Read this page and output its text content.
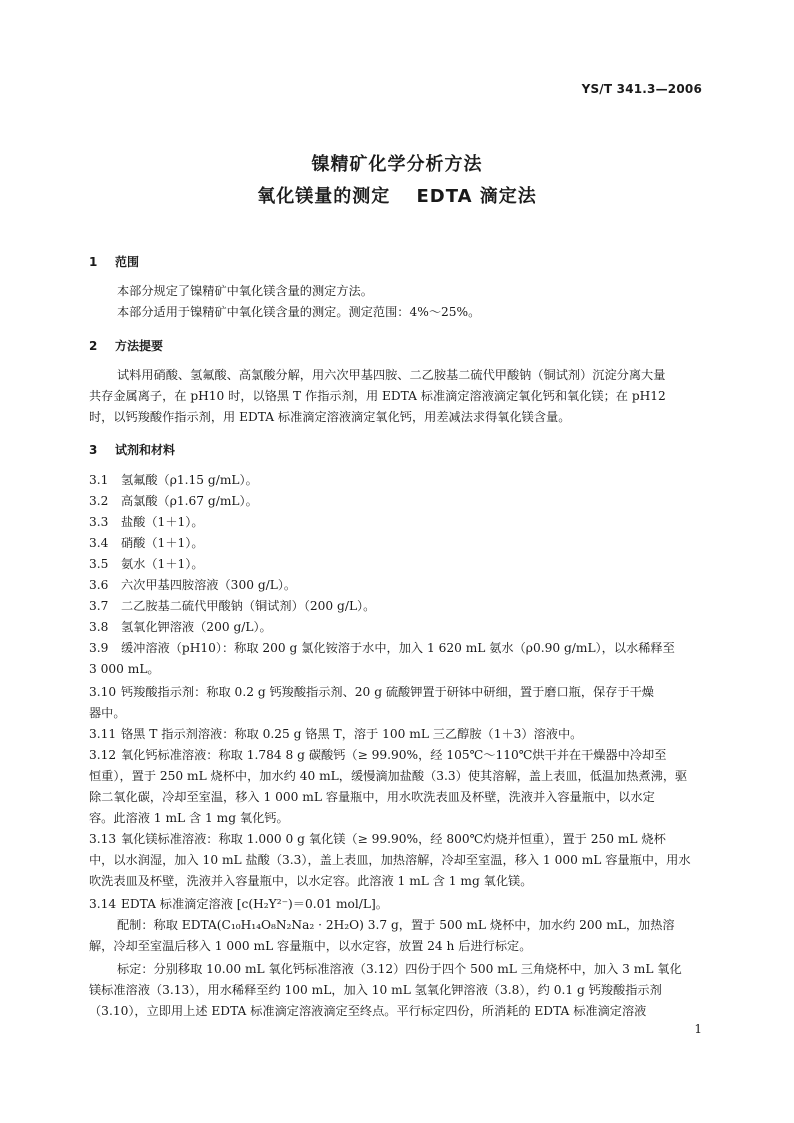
YS/T 341.3—2006
镍精矿化学分析方法
氧化镁量的测定　 EDTA 滴定法
1 范围
本部分规定了镍精矿中氧化镁含量的测定方法。
本部分适用于镍精矿中氧化镁含量的测定。测定范围：4%～25%。
2 方法提要
试料用硝酸、氢氟酸、高氯酸分解，用六次甲基四胺、二乙胺基二硫代甲酸钠（铜试剂）沉淀分离大量
共存金属离子，在 pH10 时，以铬黑 T 作指示剂，用 EDTA 标准滴定溶液滴定氧化钙和氧化镁；在 pH12
时，以钙羧酸作指示剂，用 EDTA 标准滴定溶液滴定氧化钙，用差减法求得氧化镁含量。
3 试剂和材料
3.1 氢氟酸（ρ1.15 g/mL）。
3.2 高氯酸（ρ1.67 g/mL）。
3.3 盐酸（1＋1）。
3.4 硝酸（1＋1）。
3.5 氨水（1＋1）。
3.6 六次甲基四胺溶液（300 g/L）。
3.7 二乙胺基二硫代甲酸钠（铜试剂）（200 g/L）。
3.8 氢氧化钾溶液（200 g/L）。
3.9 缓冲溶液（pH10）：称取 200 g 氯化铵溶于水中，加入 1 620 mL 氨水（ρ0.90 g/mL），以水稀释至
3 000 mL。
3.10 钙羧酸指示剂：称取 0.2 g 钙羧酸指示剂、20 g 硫酸钾置于研钵中研细，置于磨口瓶，保存于干燥
器中。
3.11 铬黑 T 指示剂溶液：称取 0.25 g 铬黑 T，溶于 100 mL 三乙醇胺（1＋3）溶液中。
3.12 氧化钙标准溶液：称取 1.784 8 g 碳酸钙（≥ 99.90%，经 105℃～110℃烘干并在干燥器中冷却至
恒重），置于 250 mL 烧杯中，加水约 40 mL，缓慢滴加盐酸（3.3）使其溶解，盖上表皿，低温加热煮沸，驱
除二氧化碳，冷却至室温，移入 1 000 mL 容量瓶中，用水吹洗表皿及杯壁，洗液并入容量瓶中，以水定
容。此溶液 1 mL 含 1 mg 氧化钙。
3.13 氧化镁标准溶液：称取 1.000 0 g 氧化镁（≥ 99.90%，经 800℃灼烧并恒重），置于 250 mL 烧杯
中，以水润湿，加入 10 mL 盐酸（3.3），盖上表皿，加热溶解，冷却至室温，移入 1 000 mL 容量瓶中，用水
吹洗表皿及杯壁，洗液并入容量瓶中，以水定容。此溶液 1 mL 含 1 mg 氧化镁。
3.14 EDTA 标准滴定溶液 [c(H₂Y²⁻)＝0.01 mol/L]。
配制：称取 EDTA(C₁₀H₁₄O₈N₂Na₂ · 2H₂O) 3.7 g，置于 500 mL 烧杯中，加水约 200 mL，加热溶
解，冷却至室温后移入 1 000 mL 容量瓶中，以水定容，放置 24 h 后进行标定。
标定：分别移取 10.00 mL 氧化钙标准溶液（3.12）四份于四个 500 mL 三角烧杯中，加入 3 mL 氧化
镁标准溶液（3.13），用水稀释至约 100 mL，加入 10 mL 氢氧化钾溶液（3.8），约 0.1 g 钙羧酸指示剂
（3.10），立即用上述 EDTA 标准滴定溶液滴定至终点。平行标定四份，所消耗的 EDTA 标准滴定溶液
1
